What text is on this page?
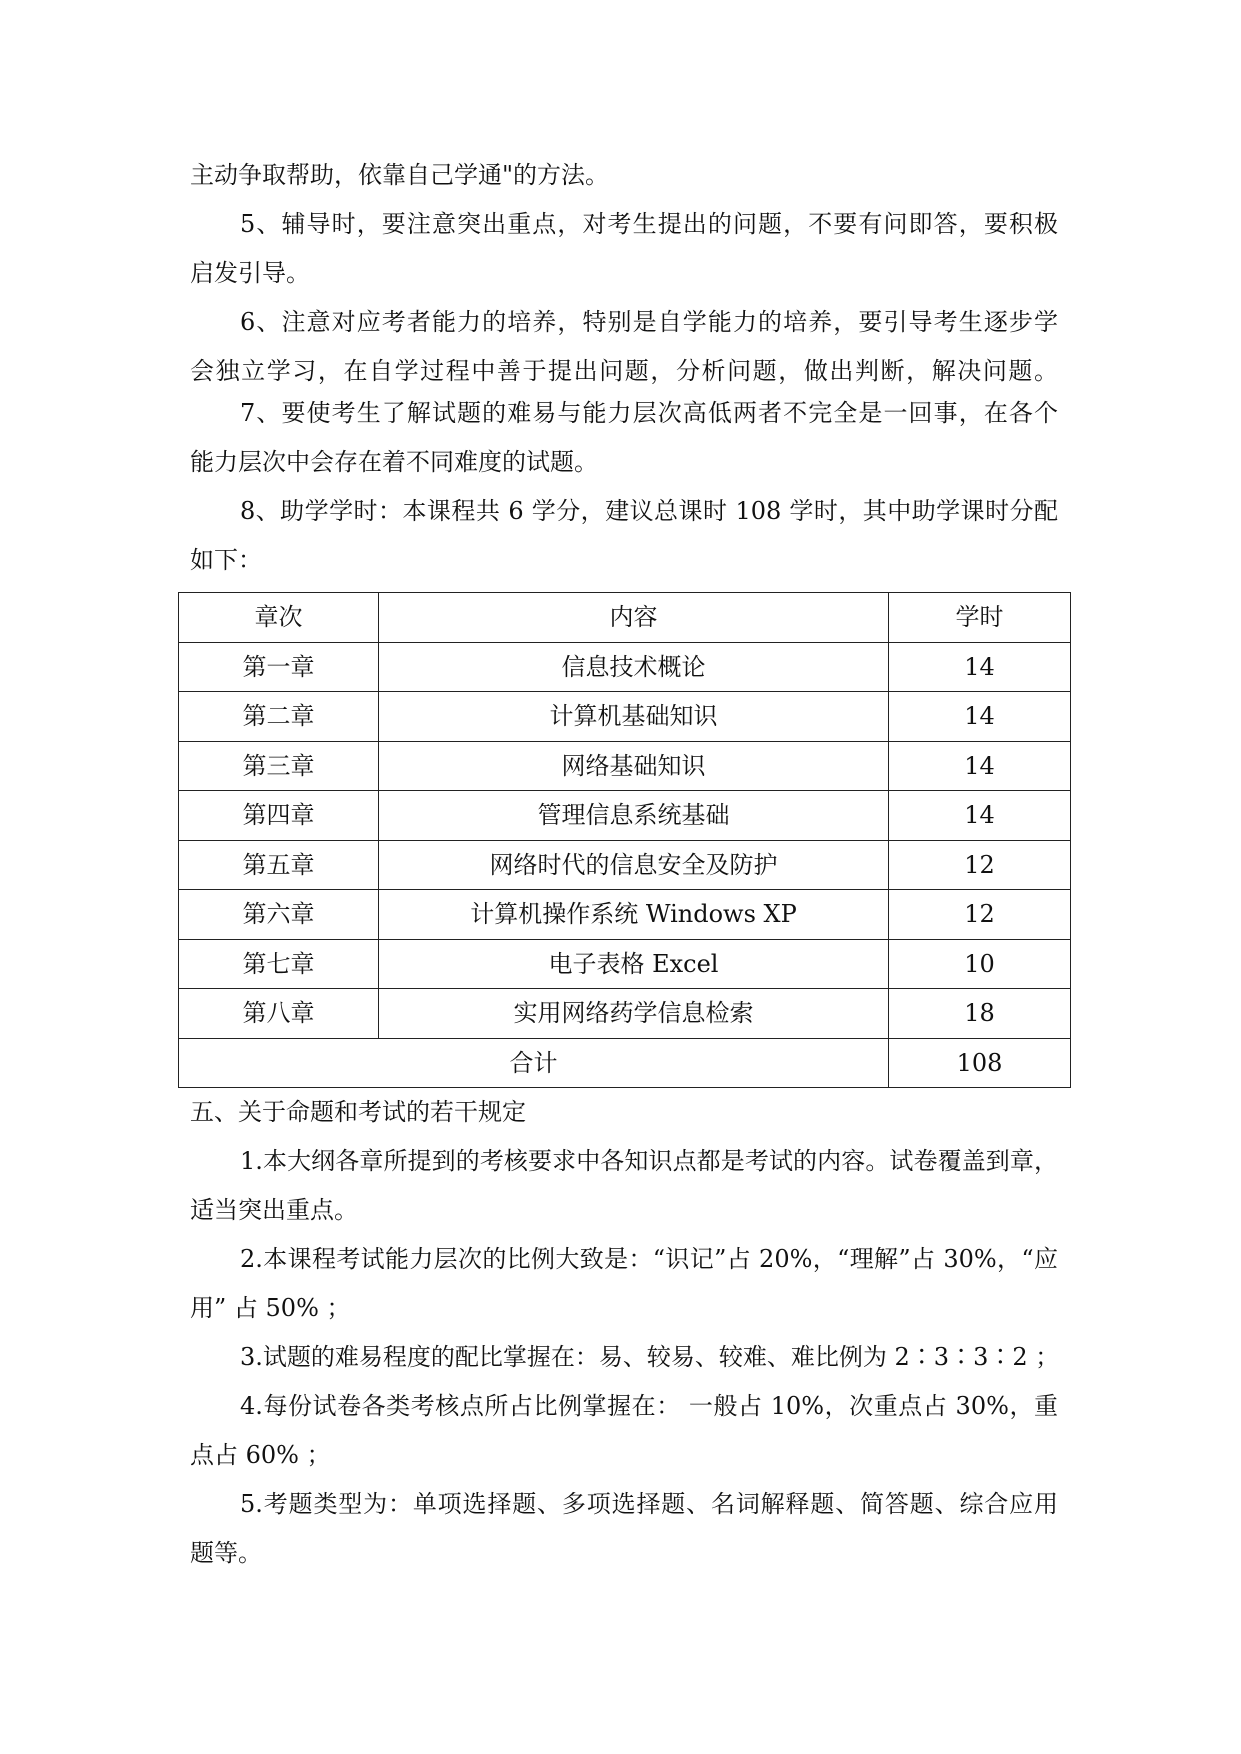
主动争取帮助，依靠自己学通"的方法。
5、辅导时，要注意突出重点，对考生提出的问题，不要有问即答，要积极
启发引导。
6、注意对应考者能力的培养，特别是自学能力的培养，要引导考生逐步学
会独立学习，在自学过程中善于提出问题，分析问题，做出判断，解决问题。
7、要使考生了解试题的难易与能力层次高低两者不完全是一回事，在各个
能力层次中会存在着不同难度的试题。
8、助学学时：本课程共 6 学分，建议总课时 108 学时，其中助学课时分配
如下：
章次	内容	学时
第一章	信息技术概论	14
第二章	计算机基础知识	14
第三章	网络基础知识	14
第四章	管理信息系统基础	14
第五章	网络时代的信息安全及防护	12
第六章	计算机操作系统 Windows XP	12
第七章	电子表格 Excel	10
第八章	实用网络药学信息检索	18
合计		108
五、关于命题和考试的若干规定
1.本大纲各章所提到的考核要求中各知识点都是考试的内容。试卷覆盖到章，
适当突出重点。
2.本课程考试能力层次的比例大致是：“识记”占 20%，“理解”占 30%，“应
用” 占 50% ；
3.试题的难易程度的配比掌握在：易、较易、较难、难比例为 2∶3∶3∶2 ；
4.每份试卷各类考核点所占比例掌握在： 一般占 10%，次重点占 30%，重
点占 60% ；
5.考题类型为：单项选择题、多项选择题、名词解释题、简答题、综合应用
题等。
